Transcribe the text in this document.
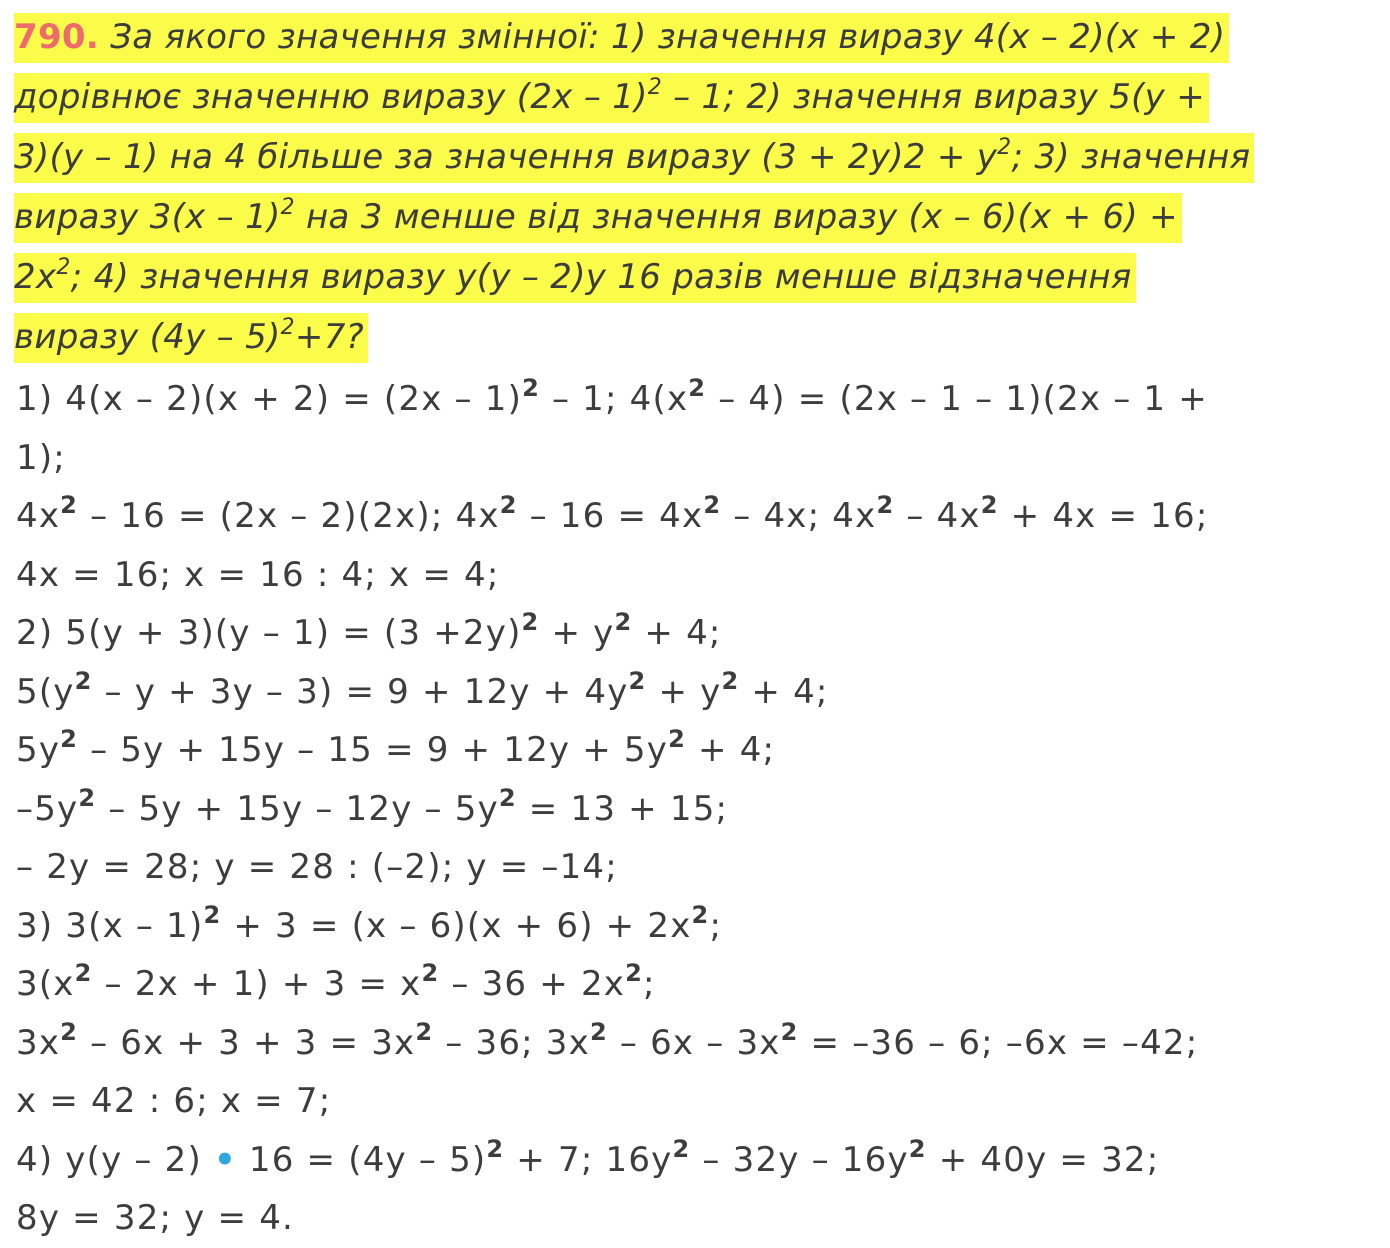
790. За якого значення змінної: 1) значення виразу 4(x – 2)(x + 2)
дорівнює значенню виразу (2x – 1)$^2$ – 1; 2) значення виразу 5(y +
3)(y – 1) на 4 більше за значення виразу $(3 + 2y)2 + y^2$; 3) значення
виразу 3(x – 1)$^2$ на 3 менше від значення виразу (x – 6)(x + 6) +
$2x^2$; 4) значення виразу y(y – 2)y 16 разів менше відзначення
виразу (4y – 5)$^2$+7?
1) 4(x – 2)(x + 2) = (2x – 1)$^2$ – 1; $4(x^2 - 4) = (2x - 1 - 1)(2x - 1$ +
1);
$4x^2 - 16 = (2x - 2)(2x)$; $4x^2 - 16 = 4x^2 - 4x$; $4x^2 - 4x^2 + 4x = 16$;
4x = 16; x = 16 : 4; x = 4;
2) $5(y + 3)(y - 1) = (3 +2y)^2 + y^2 + 4$;
$5(y^2 - y + 3y - 3) = 9 + 12y + 4y^2 + y^2 + 4$;
$5y^2 - 5y + 15y - 15 = 9 + 12y + 5y^2 + 4$;
$-5y^2 - 5y + 15y - 12y - 5y^2 = 13 + 15$;
– 2y = 28; y = 28 : (–2); y = –14;
3) $3(x - 1)^2 + 3 = (x - 6)(x + 6) + 2x^2$;
$3(x^2 - 2x + 1) + 3 = x^2 - 36 + 2x^2$;
$3x^2 - 6x + 3 + 3 = 3x^2 - 36$; $3x^2 - 6x - 3x^2 = -36 - 6$; –6x = –42;
x = 42 : 6; x = 7;
4) y(y – 2) • 16 = (4y – 5)$^2$ + 7; $16y^2 - 32y - 16y^2 + 40y = 32$;
8y = 32; y = 4.
